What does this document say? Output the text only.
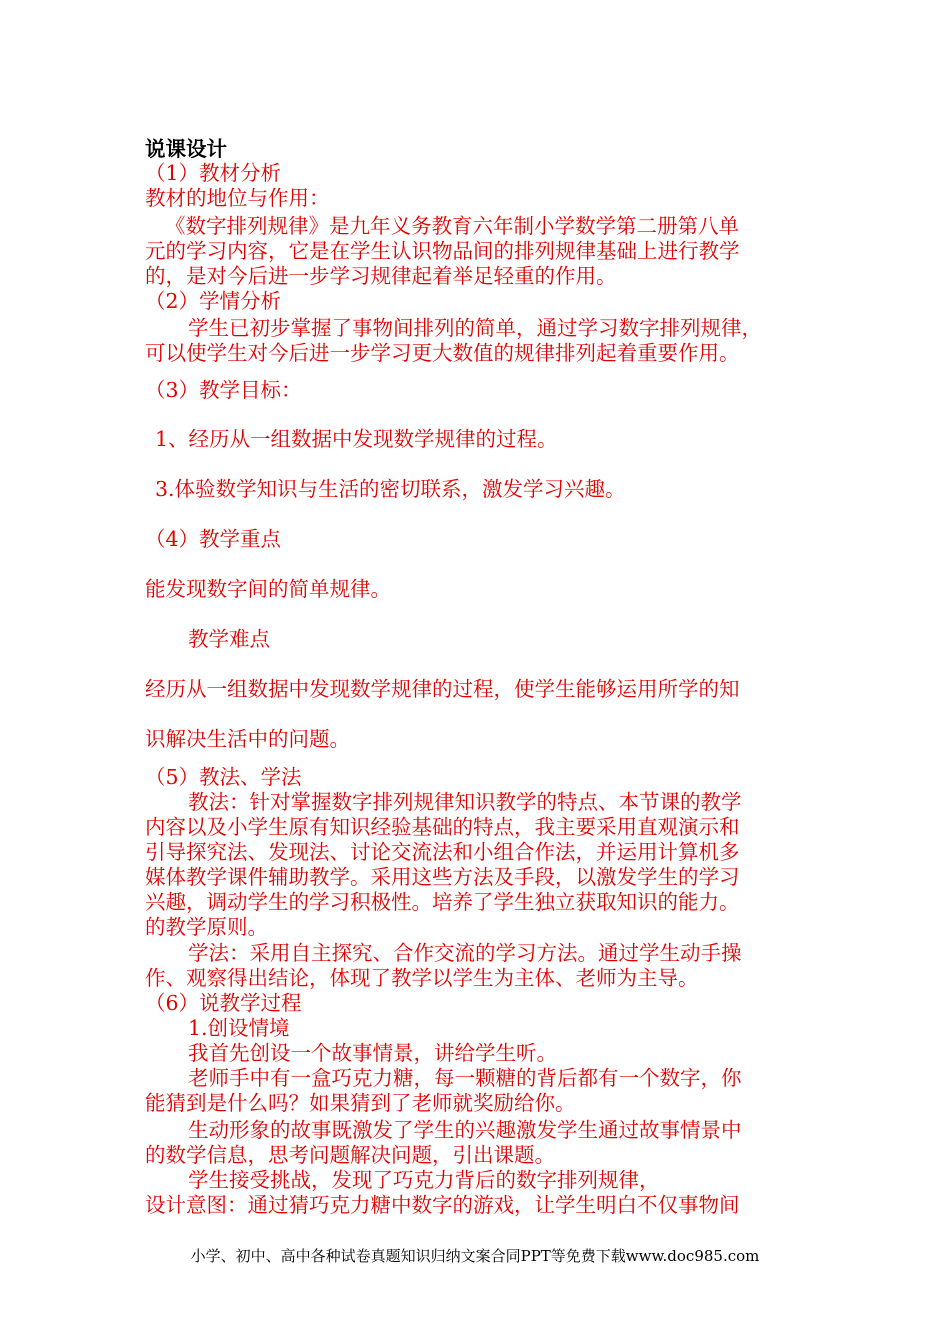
说课设计
（1）教材分析
教材的地位与作用：
《数字排列规律》是九年义务教育六年制小学数学第二册第八单
元的学习内容，它是在学生认识物品间的排列规律基础上进行教学
的，是对今后进一步学习规律起着举足轻重的作用。
（2）学情分析
学生已初步掌握了事物间排列的简单，通过学习数字排列规律，
可以使学生对今后进一步学习更大数值的规律排列起着重要作用。
（3）教学目标：
1、经历从一组数据中发现数学规律的过程。
3.体验数学知识与生活的密切联系，激发学习兴趣。
（4）教学重点
能发现数字间的简单规律。
教学难点
经历从一组数据中发现数学规律的过程，使学生能够运用所学的知
识解决生活中的问题。
（5）教法、学法
教法：针对掌握数字排列规律知识教学的特点、本节课的教学
内容以及小学生原有知识经验基础的特点，我主要采用直观演示和
引导探究法、发现法、讨论交流法和小组合作法，并运用计算机多
媒体教学课件辅助教学。采用这些方法及手段，以激发学生的学习
兴趣，调动学生的学习积极性。培养了学生独立获取知识的能力。
的教学原则。
学法：采用自主探究、合作交流的学习方法。通过学生动手操
作、观察得出结论，体现了教学以学生为主体、老师为主导。
（6）说教学过程
1.创设情境
我首先创设一个故事情景，讲给学生听。
老师手中有一盒巧克力糖，每一颗糖的背后都有一个数字，你
能猜到是什么吗？如果猜到了老师就奖励给你。
生动形象的故事既激发了学生的兴趣激发学生通过故事情景中
的数学信息，思考问题解决问题，引出课题。
学生接受挑战，发现了巧克力背后的数字排列规律，
设计意图：通过猜巧克力糖中数字的游戏，让学生明白不仅事物间
小学、初中、高中各种试卷真题知识归纳文案合同PPT等免费下载www.doc985.com
